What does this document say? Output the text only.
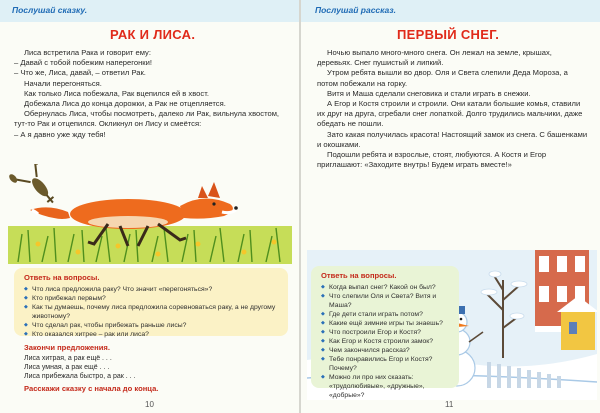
Послушай сказку.
РАК И ЛИСА.

Лиса встретила Рака и говорит ему:

– Давай с тобой побежим наперегонки!

– Что же, Лиса, давай, – ответил Рак.

Начали перегоняться.

Как только Лиса побежала, Рак вцепился ей в хвост.

Добежала Лиса до конца дорожки, а Рак не отцепляется.

Обернулась Лиса, чтобы посмотреть, далеко ли Рак, вильнула хвостом, тут-то Рак и отцепился. Окликнул он Лису и смеётся:

– А я давно уже жду тебя!

Ответь на вопросы.
◆ Что лиса предложила раку? Что значит «перегоняться»?
◆ Кто прибежал первым?
◆ Как ты думаешь, почему лиса предложила соревноваться раку, а не другому животному?
◆ Что сделал рак, чтобы прибежать раньше лисы?
◆ Кто оказался хитрее – рак или лиса?
Закончи предложения.

Лиса хитрая, а рак ещё . . .

Лиса умная, а рак ещё . . .

Лиса прибежала быстро, а рак . . .

Расскажи сказку с начала до конца.
10
Послушай рассказ.
ПЕРВЫЙ СНЕГ.

Ночью выпало много-много снега. Он лежал на земле, крышах, деревьях. Снег пушистый и липкий.

Утром ребята вышли во двор. Оля и Света слепили Деда Мороза, а потом побежали на горку.

Витя и Маша сделали снеговика и стали играть в снежки.

А Егор и Костя строили и строили. Они катали большие комья, ставили их друг на друга, сгребали снег лопаткой. Долго трудились мальчики, даже обедать не пошли.

Зато какая получилась красота! Настоящий замок из снега. С башенками и окошками.

Подошли ребята и взрослые, стоят, любуются. А Костя и Егор приглашают: «Заходите внутрь! Будем играть вместе!»

Ответь на вопросы.
◆ Когда выпал снег? Какой он был?
◆ Что слепили Оля и Света? Витя и Маша?
◆ Где дети стали играть потом?
◆ Какие ещё зимние игры ты знаешь?
◆ Что построили Егор и Костя?
◆ Как Егор и Костя строили замок?
◆ Чем закончился рассказ?
◆ Тебе понравились Егор и Костя? Почему?
◆ Можно ли про них сказать: «трудолюбивые», «дружные», «добрые»?
11
